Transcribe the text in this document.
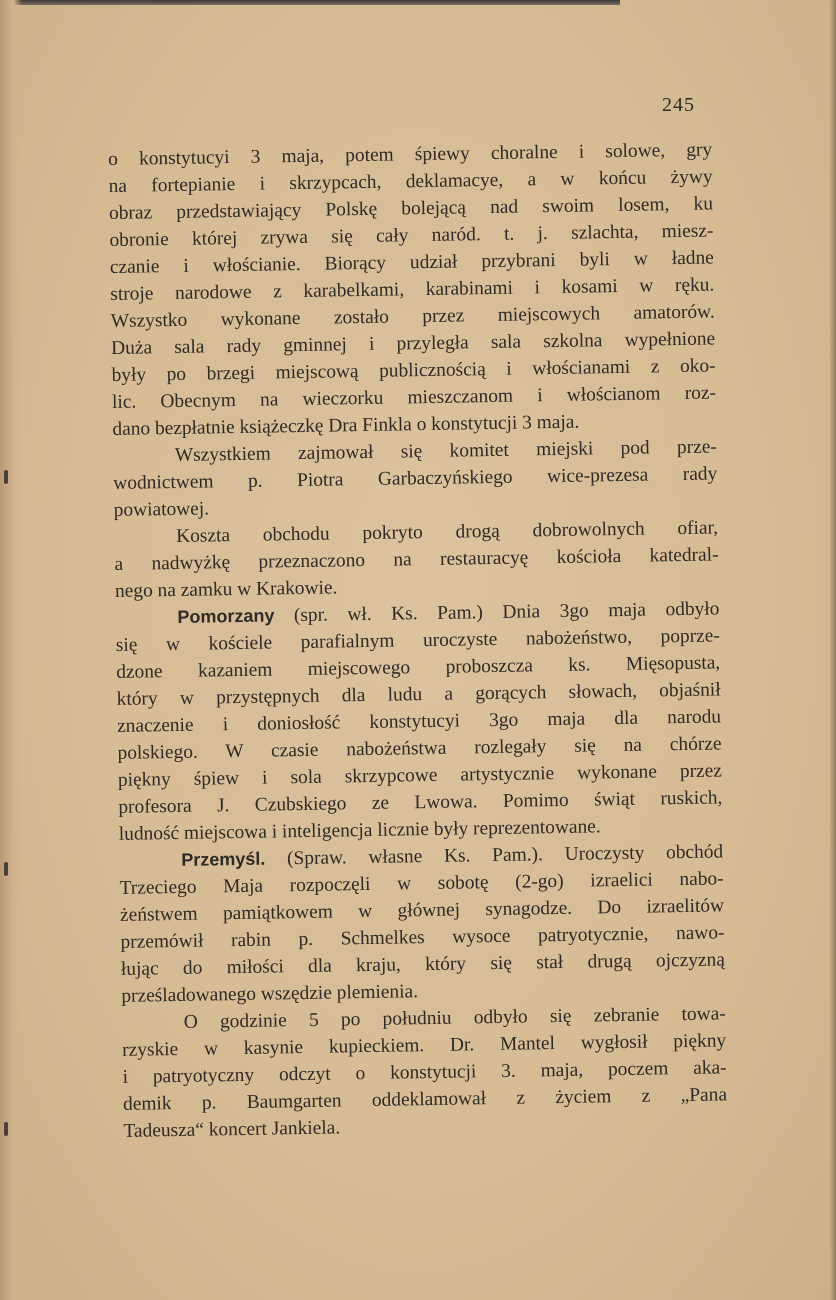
245
o konstytucyi 3 maja, potem śpiewy choralne i solowe, gry
na fortepianie i skrzypcach, deklamacye, a w końcu żywy
obraz przedstawiający Polskę bolejącą nad swoim losem, ku
obronie której zrywa się cały naród. t. j. szlachta, miesz-
czanie i włościanie. Biorący udział przybrani byli w ładne
stroje narodowe z karabelkami, karabinami i kosami w ręku.
Wszystko wykonane zostało przez miejscowych amatorów.
Duża sala rady gminnej i przyległa sala szkolna wypełnione
były po brzegi miejscową publicznością i włościanami z oko-
lic. Obecnym na wieczorku mieszczanom i włościanom roz-
dano bezpłatnie książeczkę Dra Finkla o konstytucji 3 maja.
Wszystkiem zajmował się komitet miejski pod prze-
wodnictwem p. Piotra Garbaczyńskiego wice-prezesa rady
powiatowej.
Koszta obchodu pokryto drogą dobrowolnych ofiar,
a nadwyżkę przeznaczono na restauracyę kościoła katedral-
nego na zamku w Krakowie.
Pomorzany (spr. wł. Ks. Pam.) Dnia 3go maja odbyło
się w kościele parafialnym uroczyste nabożeństwo, poprze-
dzone kazaniem miejscowego proboszcza ks. Mięsopusta,
który w przystępnych dla ludu a gorących słowach, objaśnił
znaczenie i doniosłość konstytucyi 3go maja dla narodu
polskiego. W czasie nabożeństwa rozlegały się na chórze
piękny śpiew i sola skrzypcowe artystycznie wykonane przez
profesora J. Czubskiego ze Lwowa. Pomimo świąt ruskich,
ludność miejscowa i inteligencja licznie były reprezentowane.
Przemyśl. (Spraw. własne Ks. Pam.). Uroczysty obchód
Trzeciego Maja rozpoczęli w sobotę (2-go) izraelici nabo-
żeństwem pamiątkowem w głównej synagodze. Do izraelitów
przemówił rabin p. Schmelkes wysoce patryotycznie, nawo-
łując do miłości dla kraju, który się stał drugą ojczyzną
prześladowanego wszędzie plemienia.
O godzinie 5 po południu odbyło się zebranie towa-
rzyskie w kasynie kupieckiem. Dr. Mantel wygłosił piękny
i patryotyczny odczyt o konstytucji 3. maja, poczem aka-
demik p. Baumgarten oddeklamował z życiem z „Pana
Tadeusza“ koncert Jankiela.
